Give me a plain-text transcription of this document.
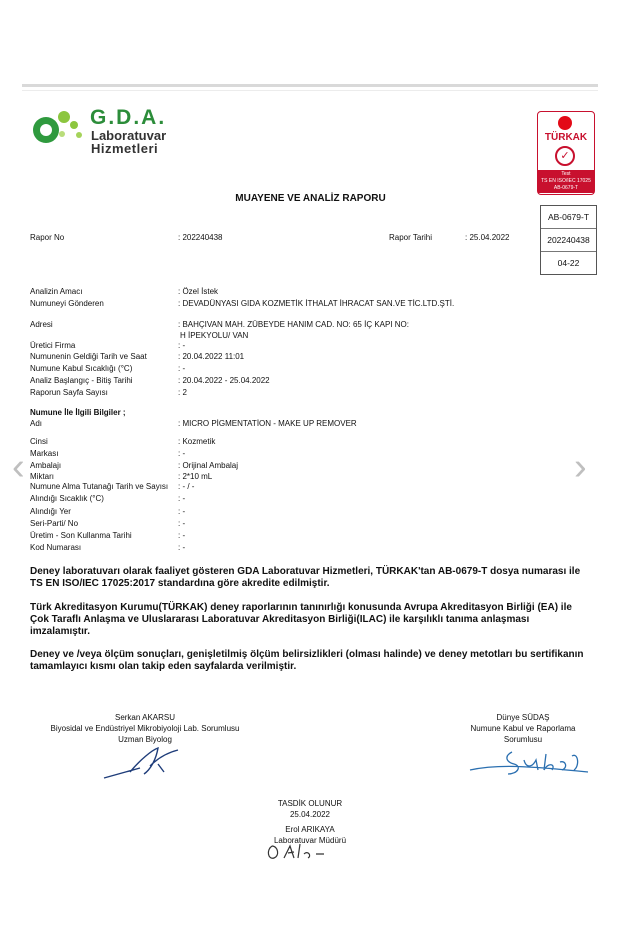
G.D.A.
Laboratuvar
Hizmetleri
TÜRKAK
✓
Test
TS EN ISO/IEC 17025
AB-0679-T
MUAYENE VE ANALİZ RAPORU
AB-0679-T
202240438
04-22
Rapor No	: 202240438	Rapor Tarihi	: 25.04.2022
Analizin Amacı	: Özel İstek
Numuneyi Gönderen	: DEVADÜNYASI GIDA KOZMETİK İTHALAT İHRACAT SAN.VE TİC.LTD.ŞTİ.
Adresi	: BAHÇIVAN MAH. ZÜBEYDE HANIM CAD. NO: 65 İÇ KAPI NO:
H İPEKYOLU/ VAN
Üretici Firma	: -
Numunenin Geldiği Tarih ve Saat	: 20.04.2022 11:01
Numune Kabul Sıcaklığı (°C)	: -
Analiz Başlangıç - Bitiş Tarihi	: 20.04.2022 - 25.04.2022
Raporun Sayfa Sayısı	: 2
Numune İle İlgili Bilgiler ;
Adı	: MICRO PİGMENTATİON - MAKE UP REMOVER
Cinsi	: Kozmetik
Markası	: -
Ambalajı	: Orijinal Ambalaj
Miktarı	: 2*10 mL
Numune Alma Tutanağı Tarih ve Sayısı : - / -
Alındığı Sıcaklık (°C)	: -
Alındığı Yer	: -
Seri-Parti/ No	: -
Üretim - Son Kullanma Tarihi	: -
Kod Numarası	: -
Deney laboratuvarı olarak faaliyet gösteren GDA Laboratuvar Hizmetleri, TÜRKAK'tan AB-0679-T dosya numarası ile TS EN ISO/IEC 17025:2017 standardına göre akredite edilmiştir.
Türk Akreditasyon Kurumu(TÜRKAK) deney raporlarının tanınırlığı konusunda Avrupa Akreditasyon Birliği (EA) ile Çok Taraflı Anlaşma ve Uluslararası Laboratuvar Akreditasyon Birliği(ILAC) ile karşılıklı tanıma anlaşması imzalamıştır.
Deney ve /veya ölçüm sonuçları, genişletilmiş ölçüm belirsizlikleri (olması halinde) ve deney metotları bu sertifikanın tamamlayıcı kısmı olan takip eden sayfalarda verilmiştir.
Serkan AKARSU
Biyosidal ve Endüstriyel Mikrobiyoloji Lab. Sorumlusu
Uzman Biyolog
Dünye SÜDAŞ
Numune Kabul ve Raporlama
Sorumlusu
TASDİK OLUNUR
25.04.2022
Erol ARIKAYA
Laboratuvar Müdürü
‹	›
